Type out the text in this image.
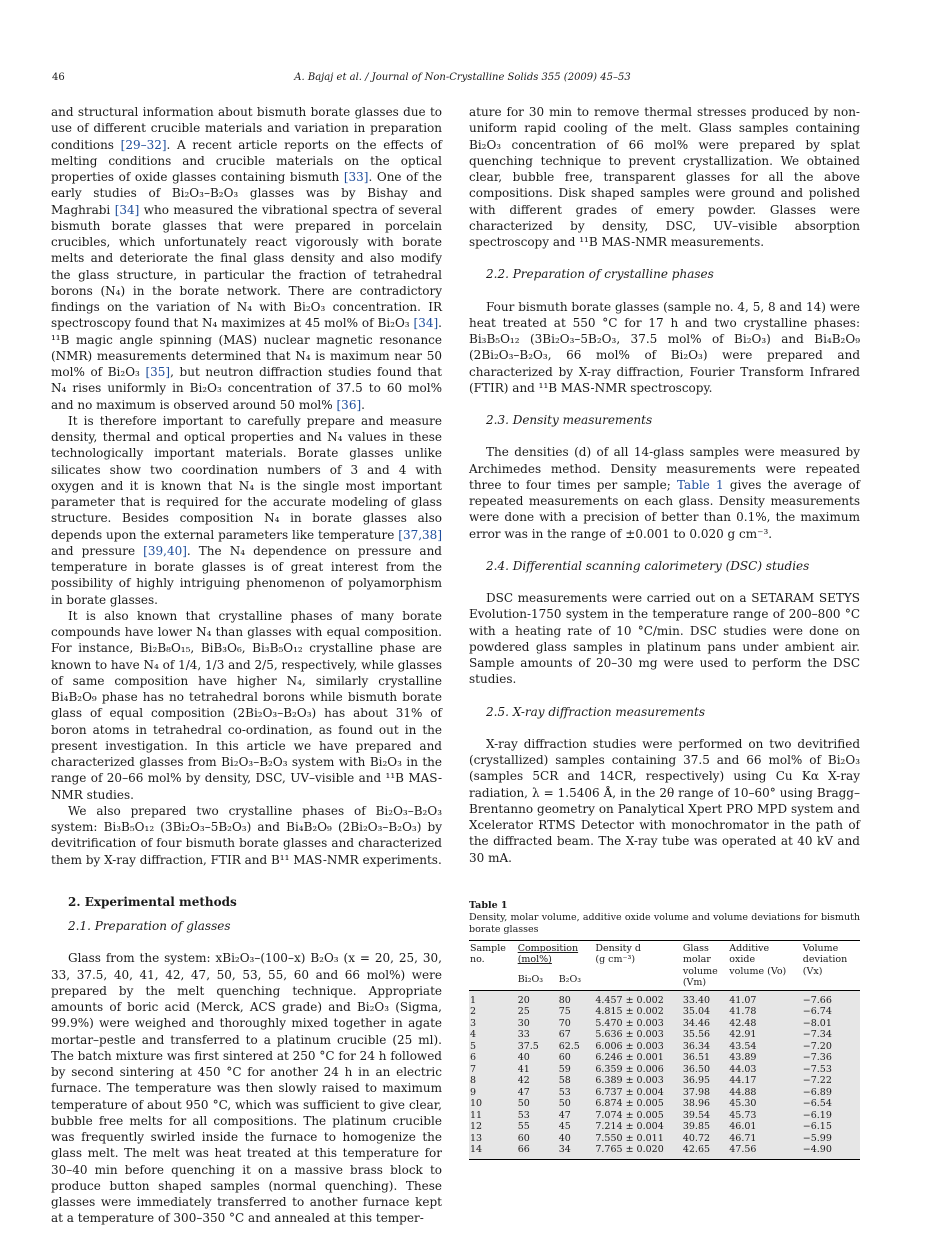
46	A. Bajaj et al. / Journal of Non-Crystalline Solids 355 (2009) 45–53

and structural information about bismuth borate glasses due to use of different crucible materials and variation in preparation conditions [29–32]. A recent article reports on the effects of melting conditions and crucible materials on the optical properties of oxide glasses containing bismuth [33]. One of the early studies of Bi₂O₃–B₂O₃ glasses was by Bishay and Maghrabi [34] who measured the vibrational spectra of several bismuth borate glasses that were prepared in porcelain crucibles, which unfortunately react vigorously with borate melts and deteriorate the final glass density and also modify the glass structure, in particular the fraction of tetrahedral borons (N₄) in the borate network. There are contradictory findings on the variation of N₄ with Bi₂O₃ concentration. IR spectroscopy found that N₄ maximizes at 45 mol% of Bi₂O₃ [34]. ¹¹B magic angle spinning (MAS) nuclear magnetic resonance (NMR) measurements determined that N₄ is maximum near 50 mol% of Bi₂O₃ [35], but neutron diffraction studies found that N₄ rises uniformly in Bi₂O₃ concentration of 37.5 to 60 mol% and no maximum is observed around 50 mol% [36].

It is therefore important to carefully prepare and measure density, thermal and optical properties and N₄ values in these technologically important materials. Borate glasses unlike silicates show two coordination numbers of 3 and 4 with oxygen and it is known that N₄ is the single most important parameter that is required for the accurate modeling of glass structure. Besides composition N₄ in borate glasses also depends upon the external parameters like temperature [37,38] and pressure [39,40]. The N₄ dependence on pressure and temperature in borate glasses is of great interest from the possibility of highly intriguing phenomenon of polyamorphism in borate glasses.

It is also known that crystalline phases of many borate compounds have lower N₄ than glasses with equal composition. For instance, Bi₂B₈O₁₅, BiB₃O₆, Bi₃B₅O₁₂ crystalline phase are known to have N₄ of 1/4, 1/3 and 2/5, respectively, while glasses of same composition have higher N₄, similarly crystalline Bi₄B₂O₉ phase has no tetrahedral borons while bismuth borate glass of equal composition (2Bi₂O₃–B₂O₃) has about 31% of boron atoms in tetrahedral co-ordination, as found out in the present investigation. In this article we have prepared and characterized glasses from Bi₂O₃–B₂O₃ system with Bi₂O₃ in the range of 20–66 mol% by density, DSC, UV–visible and ¹¹B MAS-NMR studies.

We also prepared two crystalline phases of Bi₂O₃–B₂O₃ system: Bi₃B₅O₁₂ (3Bi₂O₃–5B₂O₃) and Bi₄B₂O₉ (2Bi₂O₃–B₂O₃) by devitrification of four bismuth borate glasses and characterized them by X-ray diffraction, FTIR and B¹¹ MAS-NMR experiments.

2. Experimental methods

2.1. Preparation of glasses

Glass from the system: xBi₂O₃–(100–x) B₂O₃ (x = 20, 25, 30, 33, 37.5, 40, 41, 42, 47, 50, 53, 55, 60 and 66 mol%) were prepared by the melt quenching technique. Appropriate amounts of boric acid (Merck, ACS grade) and Bi₂O₃ (Sigma, 99.9%) were weighed and thoroughly mixed together in agate mortar–pestle and transferred to a platinum crucible (25 ml). The batch mixture was first sintered at 250 °C for 24 h followed by second sintering at 450 °C for another 24 h in an electric furnace. The temperature was then slowly raised to maximum temperature of about 950 °C, which was sufficient to give clear, bubble free melts for all compositions. The platinum crucible was frequently swirled inside the furnace to homogenize the glass melt. The melt was heat treated at this temperature for 30–40 min before quenching it on a massive brass block to produce button shaped samples (normal quenching). These glasses were immediately transferred to another furnace kept at a temperature of 300–350 °C and annealed at this temper-

ature for 30 min to remove thermal stresses produced by non-uniform rapid cooling of the melt. Glass samples containing Bi₂O₃ concentration of 66 mol% were prepared by splat quenching technique to prevent crystallization. We obtained clear, bubble free, transparent glasses for all the above compositions. Disk shaped samples were ground and polished with different grades of emery powder. Glasses were characterized by density, DSC, UV–visible absorption spectroscopy and ¹¹B MAS-NMR measurements.

2.2. Preparation of crystalline phases

Four bismuth borate glasses (sample no. 4, 5, 8 and 14) were heat treated at 550 °C for 17 h and two crystalline phases: Bi₃B₅O₁₂ (3Bi₂O₃–5B₂O₃, 37.5 mol% of Bi₂O₃) and Bi₄B₂O₉ (2Bi₂O₃–B₂O₃, 66 mol% of Bi₂O₃) were prepared and characterized by X-ray diffraction, Fourier Transform Infrared (FTIR) and ¹¹B MAS-NMR spectroscopy.

2.3. Density measurements

The densities (d) of all 14-glass samples were measured by Archimedes method. Density measurements were repeated three to four times per sample; Table 1 gives the average of repeated measurements on each glass. Density measurements were done with a precision of better than 0.1%, the maximum error was in the range of ±0.001 to 0.020 g cm⁻³.

2.4. Differential scanning calorimetery (DSC) studies

DSC measurements were carried out on a SETARAM SETYS Evolution-1750 system in the temperature range of 200–800 °C with a heating rate of 10 °C/min. DSC studies were done on powdered glass samples in platinum pans under ambient air. Sample amounts of 20–30 mg were used to perform the DSC studies.

2.5. X-ray diffraction measurements

X-ray diffraction studies were performed on two devitrified (crystallized) samples containing 37.5 and 66 mol% of Bi₂O₃ (samples 5CR and 14CR, respectively) using Cu Kα X-ray radiation, λ = 1.5406 Å, in the 2θ range of 10–60° using Bragg–Brentanno geometry on Panalytical Xpert PRO MPD system and Xcelerator RTMS Detector with monochromator in the path of the diffracted beam. The X-ray tube was operated at 40 kV and 30 mA.

Table 1
Density, molar volume, additive oxide volume and volume deviations for bismuth borate glasses
Sample
no.	Composition
(mol%)		Density d
(g cm⁻³)	Glass
molar
volume
(Vm)	Additive
oxide
volume (Vo)	Volume
deviation
(Vx)
	Bi₂O₃	B₂O₃				
1	20	80	4.457 ± 0.002	33.40	41.07	−7.66
2	25	75	4.815 ± 0.002	35.04	41.78	−6.74
3	30	70	5.470 ± 0.003	34.46	42.48	−8.01
4	33	67	5.636 ± 0.003	35.56	42.91	−7.34
5	37.5	62.5	6.006 ± 0.003	36.34	43.54	−7.20
6	40	60	6.246 ± 0.001	36.51	43.89	−7.36
7	41	59	6.359 ± 0.006	36.50	44.03	−7.53
8	42	58	6.389 ± 0.003	36.95	44.17	−7.22
9	47	53	6.737 ± 0.004	37.98	44.88	−6.89
10	50	50	6.874 ± 0.005	38.96	45.30	−6.54
11	53	47	7.074 ± 0.005	39.54	45.73	−6.19
12	55	45	7.214 ± 0.004	39.85	46.01	−6.15
13	60	40	7.550 ± 0.011	40.72	46.71	−5.99
14	66	34	7.765 ± 0.020	42.65	47.56	−4.90
